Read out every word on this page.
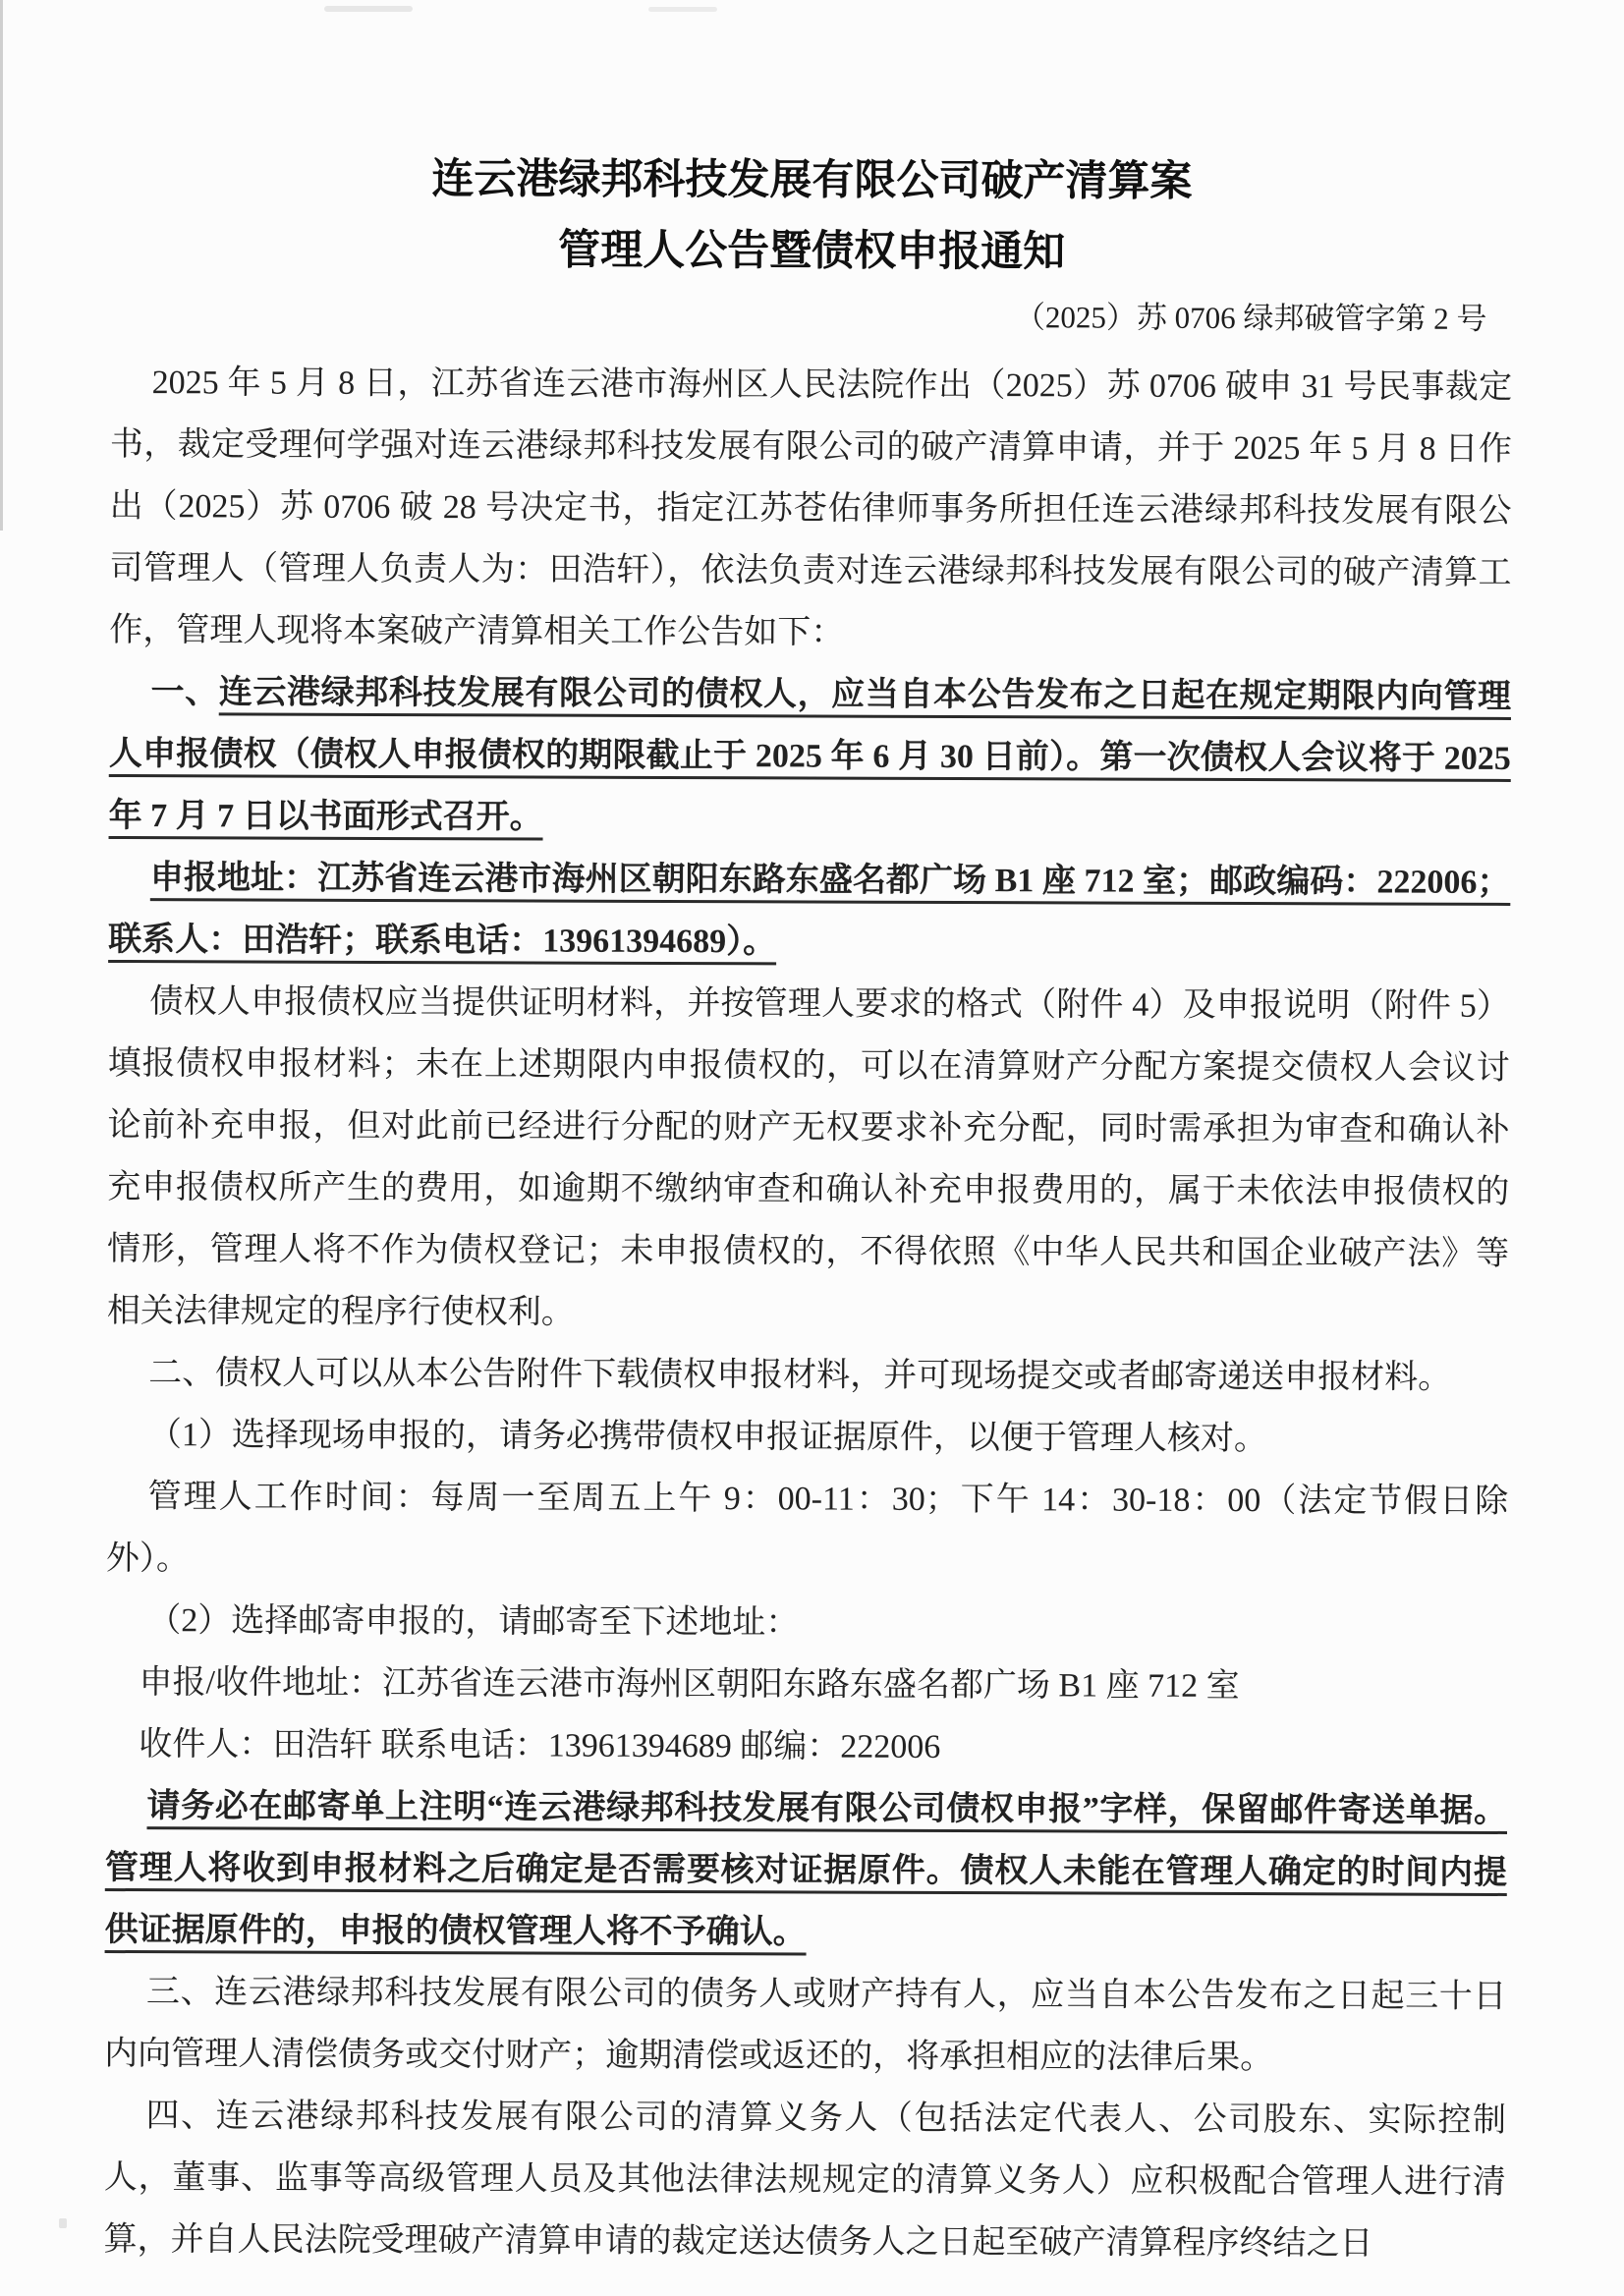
连云港绿邦科技发展有限公司破产清算案
管理人公告暨债权申报通知
（2025）苏 0706 绿邦破管字第 2 号

2025 年 5 月 8 日，江苏省连云港市海州区人民法院作出（2025）苏 0706 破申 31 号民事裁定书，裁定受理何学强对连云港绿邦科技发展有限公司的破产清算申请，并于 2025 年 5 月 8 日作出（2025）苏 0706 破 28 号决定书，指定江苏苍佑律师事务所担任连云港绿邦科技发展有限公司管理人（管理人负责人为：田浩轩），依法负责对连云港绿邦科技发展有限公司的破产清算工作，管理人现将本案破产清算相关工作公告如下：

一、连云港绿邦科技发展有限公司的债权人，应当自本公告发布之日起在规定期限内向管理人申报债权（债权人申报债权的期限截止于 2025 年 6 月 30 日前）。第一次债权人会议将于 2025 年 7 月 7 日以书面形式召开。

申报地址：江苏省连云港市海州区朝阳东路东盛名都广场 B1 座 712 室；邮政编码：222006；联系人：田浩轩；联系电话：13961394689）。

债权人申报债权应当提供证明材料，并按管理人要求的格式（附件 4）及申报说明（附件 5）填报债权申报材料；未在上述期限内申报债权的，可以在清算财产分配方案提交债权人会议讨论前补充申报，但对此前已经进行分配的财产无权要求补充分配，同时需承担为审查和确认补充申报债权所产生的费用，如逾期不缴纳审查和确认补充申报费用的，属于未依法申报债权的情形，管理人将不作为债权登记；未申报债权的，不得依照《中华人民共和国企业破产法》等相关法律规定的程序行使权利。

二、债权人可以从本公告附件下载债权申报材料，并可现场提交或者邮寄递送申报材料。

（1）选择现场申报的，请务必携带债权申报证据原件，以便于管理人核对。

管理人工作时间：每周一至周五上午 9：00-11：30；下午 14：30-18：00（法定节假日除外）。

（2）选择邮寄申报的，请邮寄至下述地址：

申报/收件地址：江苏省连云港市海州区朝阳东路东盛名都广场 B1 座 712 室

收件人：田浩轩 联系电话：13961394689 邮编：222006

请务必在邮寄单上注明“连云港绿邦科技发展有限公司债权申报”字样，保留邮件寄送单据。管理人将收到申报材料之后确定是否需要核对证据原件。债权人未能在管理人确定的时间内提供证据原件的，申报的债权管理人将不予确认。

三、连云港绿邦科技发展有限公司的债务人或财产持有人，应当自本公告发布之日起三十日内向管理人清偿债务或交付财产；逾期清偿或返还的，将承担相应的法律后果。

四、连云港绿邦科技发展有限公司的清算义务人（包括法定代表人、公司股东、实际控制人，董事、监事等高级管理人员及其他法律法规规定的清算义务人）应积极配合管理人进行清算，并自人民法院受理破产清算申请的裁定送达债务人之日起至破产清算程序终结之日
